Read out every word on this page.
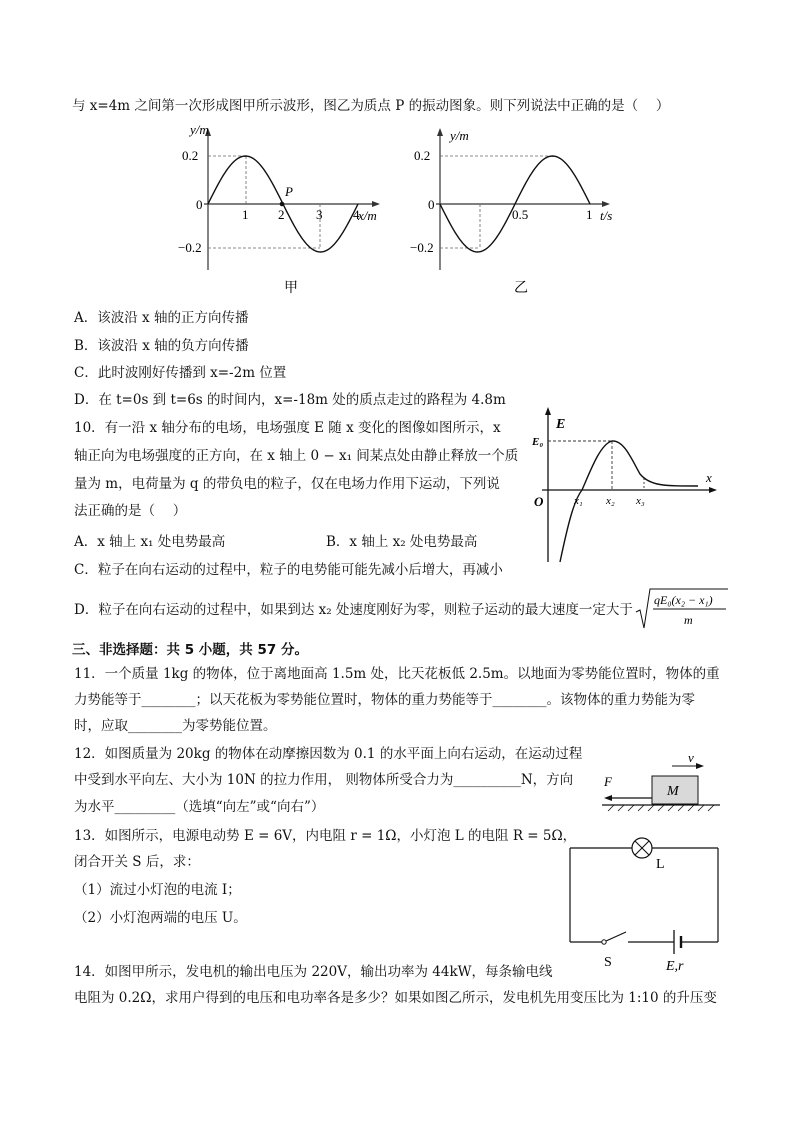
与 x=4m 之间第一次形成图甲所示波形，图乙为质点 P 的振动图象。则下列说法中正确的是（　 ）
y/m
x/m
0
0.2
−0.2
1 2 3 4
P
甲
y/m
t/s
0
0.2
−0.2
0.5	1
乙
A．该波沿 x 轴的正方向传播
B．该波沿 x 轴的负方向传播
C．此时波刚好传播到 x=-2m 位置
D．在 t=0s 到 t=6s 的时间内，x=-18m 处的质点走过的路程为 4.8m
10．有一沿 x 轴分布的电场，电场强度 E 随 x 变化的图像如图所示，x
轴正向为电场强度的正方向，在 x 轴上 0 − x₁ 间某点处由静止释放一个质
量为 m，电荷量为 q 的带负电的粒子，仅在电场力作用下运动，下列说
法正确的是（　 ）
A．x 轴上 x₁ 处电势最高	B．x 轴上 x₂ 处电势最高
C．粒子在向右运动的过程中，粒子的电势能可能先减小后增大，再减小
D．粒子在向右运动的过程中，如果到达 x₂ 处速度刚好为零，则粒子运动的最大速度一定大于
qE₀(x₂ − x₁)
m
E
x
O
E₀
x₁ x₂ x₃
三、非选择题：共 5 小题，共 57 分。
11．一个质量 1kg 的物体，位于离地面高 1.5m 处，比天花板低 2.5m。以地面为零势能位置时，物体的重
力势能等于________；以天花板为零势能位置时，物体的重力势能等于________。该物体的重力势能为零
时，应取________为零势能位置。
12．如图质量为 20kg 的物体在动摩擦因数为 0.1 的水平面上向右运动，在运动过程
中受到水平向左、大小为 10N 的拉力作用， 则物体所受合力为__________N，方向
为水平_________（选填“向左”或“向右”）
v
M
F
13．如图所示，电源电动势 E = 6V，内电阻 r = 1Ω，小灯泡 L 的电阻 R = 5Ω，
闭合开关 S 后，求：
（1）流过小灯泡的电流 I；
（2）小灯泡两端的电压 U。
L
S	E,r
14．如图甲所示，发电机的输出电压为 220V，输出功率为 44kW，每条输电线
电阻为 0.2Ω，求用户得到的电压和电功率各是多少？如果如图乙所示，发电机先用变压比为 1:10 的升压变
